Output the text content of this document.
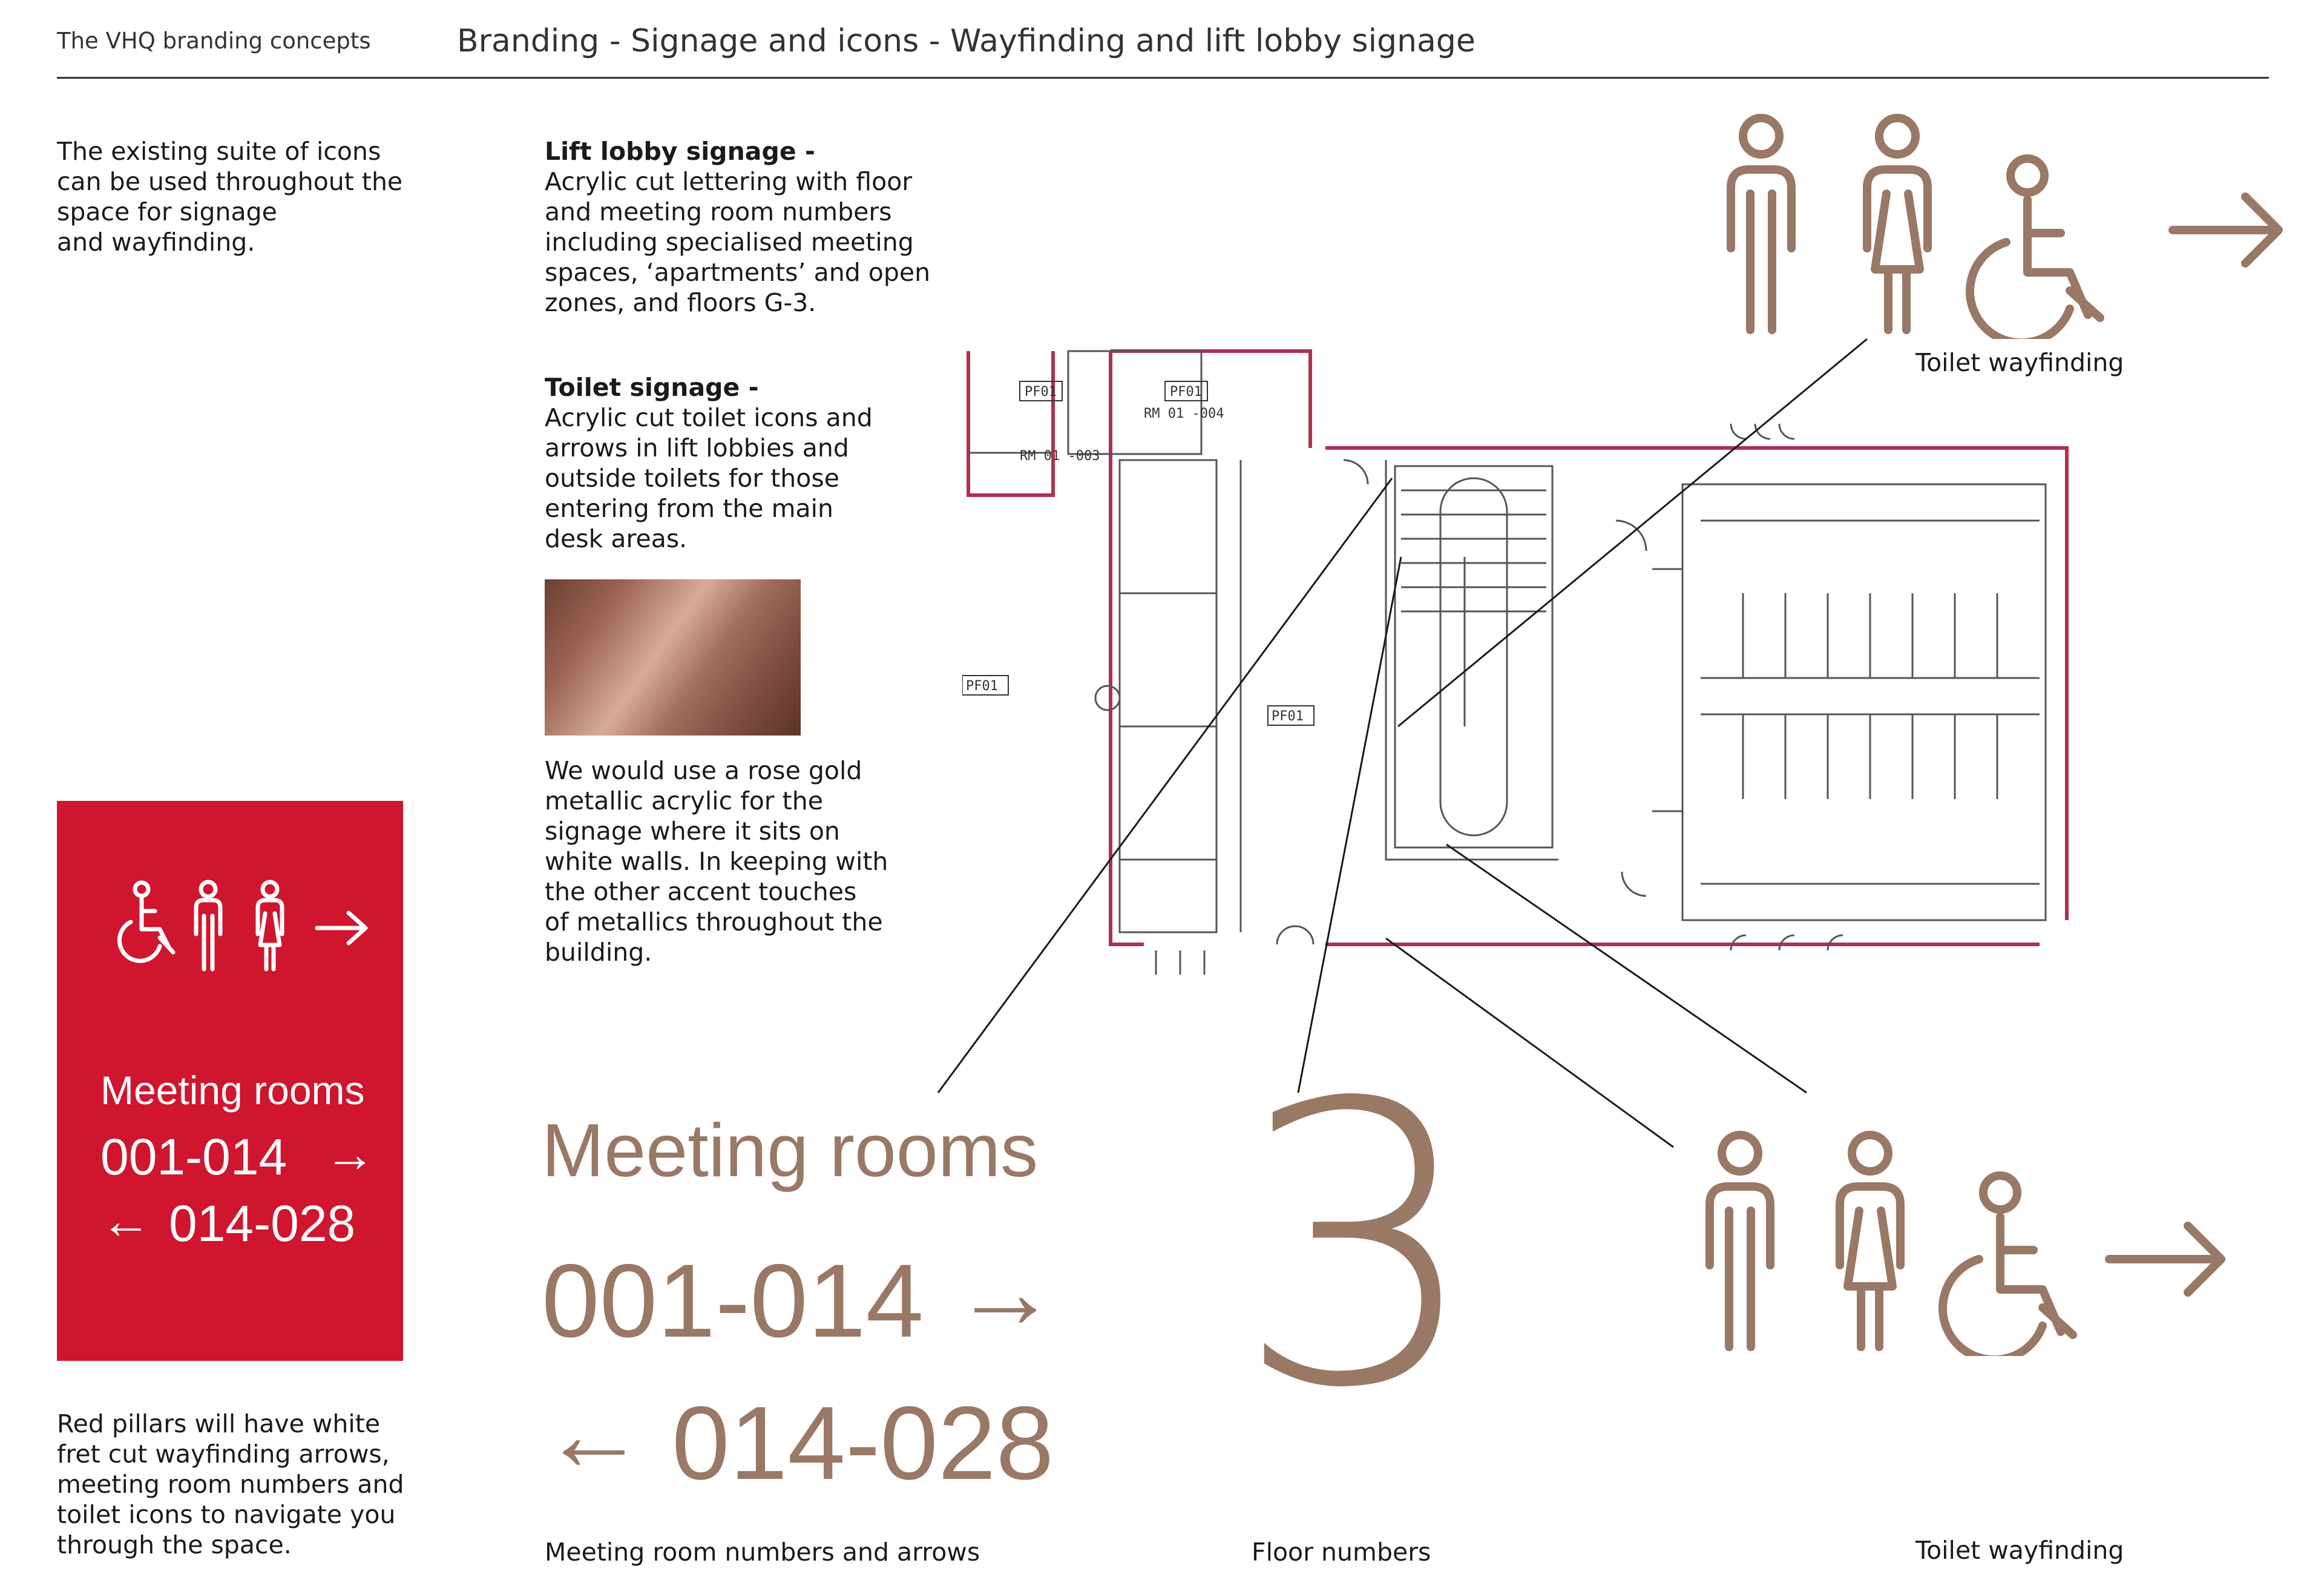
The VHQ branding concepts	Branding - Signage and icons - Wayfinding and lift lobby signage

The existing suite of icons

can be used throughout the

space for signage

and wayfinding.

Lift lobby signage -

Acrylic cut lettering with floor

and meeting room numbers

including specialised meeting

spaces, ‘apartments’ and open

zones, and floors G-3.

Toilet signage -

Acrylic cut toilet icons and

arrows in lift lobbies and

outside toilets for those

entering from the main

desk areas.

We would use a rose gold

metallic acrylic for the

signage where it sits on

white walls. In keeping with

the other accent touches

of metallics throughout the

building.

Meeting rooms
001-014 →
← 014-028

Red pillars will have white

fret cut wayfinding arrows,

meeting room numbers and

toilet icons to navigate you

through the space.

PF01	PF01
RM 01 -003
RM 01 -004
PF01
PF01
Toilet wayfinding
Meeting rooms
001-014 →
← 014-028
Meeting room numbers and arrows
3
Floor numbers	Toilet wayfinding
